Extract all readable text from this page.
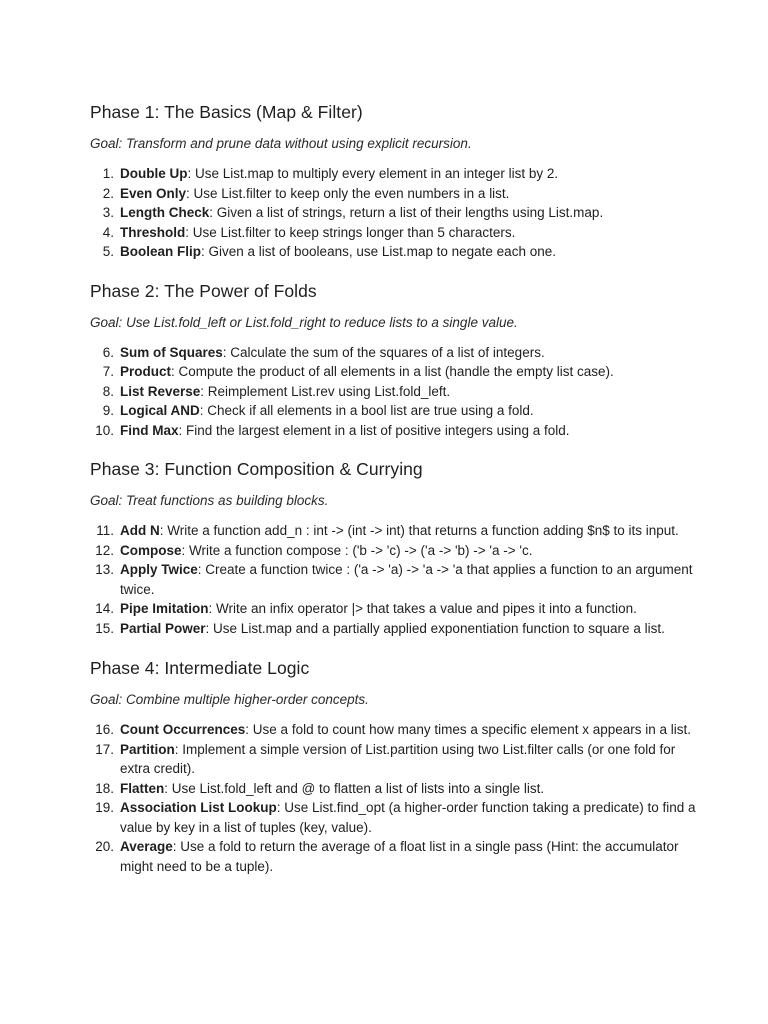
Phase 1: The Basics (Map & Filter)

Goal: Transform and prune data without using explicit recursion.

1. Double Up: Use List.map to multiply every element in an integer list by 2.
2. Even Only: Use List.filter to keep only the even numbers in a list.
3. Length Check: Given a list of strings, return a list of their lengths using List.map.
4. Threshold: Use List.filter to keep strings longer than 5 characters.
5. Boolean Flip: Given a list of booleans, use List.map to negate each one.
Phase 2: The Power of Folds

Goal: Use List.fold_left or List.fold_right to reduce lists to a single value.

6. Sum of Squares: Calculate the sum of the squares of a list of integers.
7. Product: Compute the product of all elements in a list (handle the empty list case).
8. List Reverse: Reimplement List.rev using List.fold_left.
9. Logical AND: Check if all elements in a bool list are true using a fold.
10. Find Max: Find the largest element in a list of positive integers using a fold.
Phase 3: Function Composition & Currying

Goal: Treat functions as building blocks.

11. Add N: Write a function add_n : int -> (int -> int) that returns a function adding $n$ to its input.
12. Compose: Write a function compose : ('b -> 'c) -> ('a -> 'b) -> 'a -> 'c.
13. Apply Twice: Create a function twice : ('a -> 'a) -> 'a -> 'a that applies a function to an argument twice.
14. Pipe Imitation: Write an infix operator |> that takes a value and pipes it into a function.
15. Partial Power: Use List.map and a partially applied exponentiation function to square a list.
Phase 4: Intermediate Logic

Goal: Combine multiple higher-order concepts.

16. Count Occurrences: Use a fold to count how many times a specific element x appears in a list.
17. Partition: Implement a simple version of List.partition using two List.filter calls (or one fold for extra credit).
18. Flatten: Use List.fold_left and @ to flatten a list of lists into a single list.
19. Association List Lookup: Use List.find_opt (a higher-order function taking a predicate) to find a value by key in a list of tuples (key, value).
20. Average: Use a fold to return the average of a float list in a single pass (Hint: the accumulator might need to be a tuple).
